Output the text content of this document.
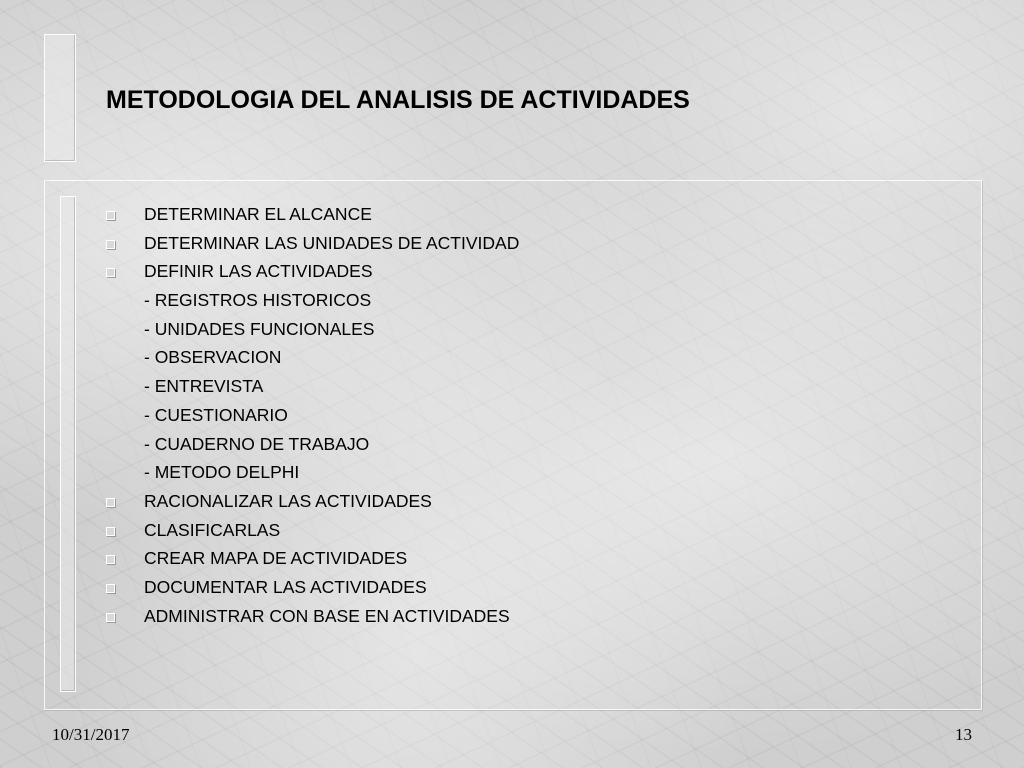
METODOLOGIA DEL ANALISIS DE ACTIVIDADES
DETERMINAR EL ALCANCE
DETERMINAR LAS UNIDADES DE ACTIVIDAD
DEFINIR LAS ACTIVIDADES
- REGISTROS HISTORICOS
- UNIDADES FUNCIONALES
- OBSERVACION
- ENTREVISTA
- CUESTIONARIO
- CUADERNO DE TRABAJO
- METODO DELPHI
RACIONALIZAR LAS ACTIVIDADES
CLASIFICARLAS
CREAR MAPA DE ACTIVIDADES
DOCUMENTAR LAS ACTIVIDADES
ADMINISTRAR CON BASE EN ACTIVIDADES
10/31/2017	13
